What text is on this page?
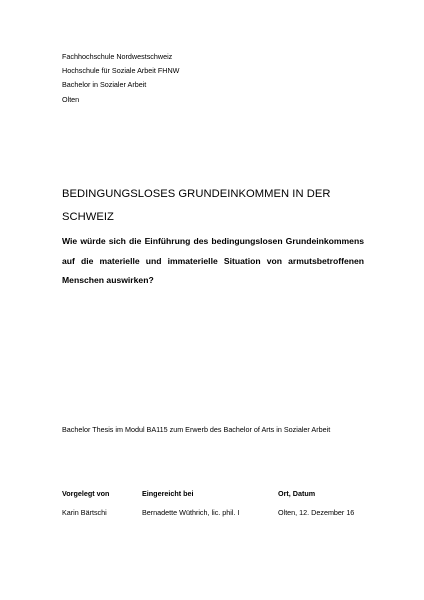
Fachhochschule Nordwestschweiz
Hochschule für Soziale Arbeit FHNW
Bachelor in Sozialer Arbeit
Olten
BEDINGUNGSLOSES GRUNDEINKOMMEN IN DER
SCHWEIZ
Wie würde sich die Einführung des bedingungslosen Grundeinkommens auf die materielle und immaterielle Situation von armutsbetroffenen Menschen auswirken?
Bachelor Thesis im Modul BA115 zum Erwerb des Bachelor of Arts in Sozialer Arbeit
Vorgelegt von
Karin Bärtschi
Eingereicht bei
Bernadette Wüthrich, lic. phil. I
Ort, Datum
Olten, 12. Dezember 16
